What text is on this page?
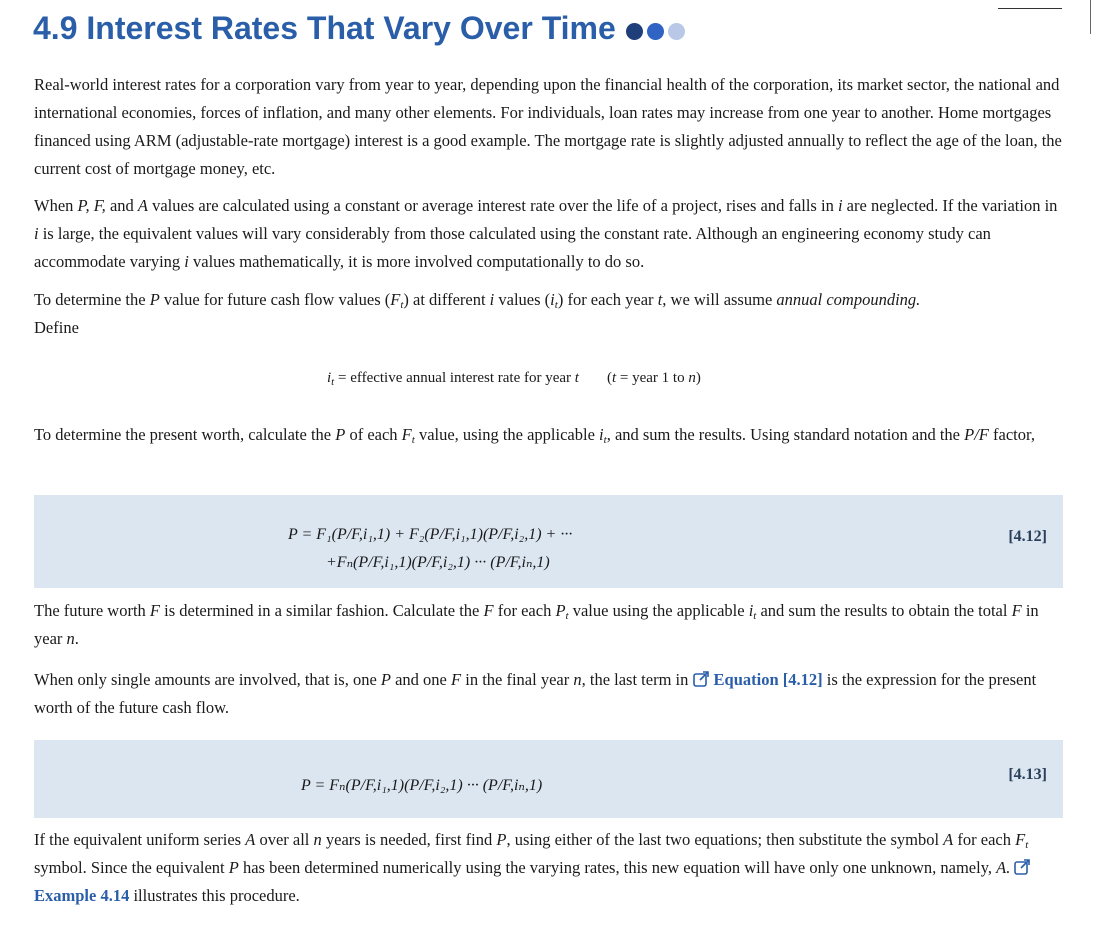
4.9 Interest Rates That Vary Over Time

Real-world interest rates for a corporation vary from year to year, depending upon the financial health of the corporation, its market sector, the national and international economies, forces of inflation, and many other elements. For individuals, loan rates may increase from one year to another. Home mortgages financed using ARM (adjustable-rate mortgage) interest is a good example. The mortgage rate is slightly adjusted annually to reflect the age of the loan, the current cost of mortgage money, etc.

When P, F, and A values are calculated using a constant or average interest rate over the life of a project, rises and falls in i are neglected. If the variation in i is large, the equivalent values will vary considerably from those calculated using the constant rate. Although an engineering economy study can accommodate varying i values mathematically, it is more involved computationally to do so.

To determine the P value for future cash flow values $(F_t)$ at different i values $(i_t)$ for each year t, we will assume annual compounding.
Define

$i_t$ = effective annual interest rate for year t (t = year 1 to n)

To determine the present worth, calculate the P of each $F_t$ value, using the applicable $i_t$, and sum the results. Using standard notation and the P/F factor,

P = F₁(P/F,i₁,1) + F₂(P/F,i₁,1)(P/F,i₂,1) + ···
+Fₙ(P/F,i₁,1)(P/F,i₂,1) ··· (P/F,iₙ,1)
[4.12]

The future worth F is determined in a similar fashion. Calculate the F for each $P_t$ value using the applicable $i_t$ and sum the results to obtain the total F in year n.

When only single amounts are involved, that is, one P and one F in the final year n, the last term in Equation [4.12] is the expression for the present worth of the future cash flow.

P = Fₙ(P/F,i₁,1)(P/F,i₂,1) ··· (P/F,iₙ,1)
[4.13]

If the equivalent uniform series A over all n years is needed, first find P, using either of the last two equations; then substitute the symbol A for each $F_t$ symbol. Since the equivalent P has been determined numerically using the varying rates, this new equation will have only one unknown, namely, A. Example 4.14 illustrates this procedure.
